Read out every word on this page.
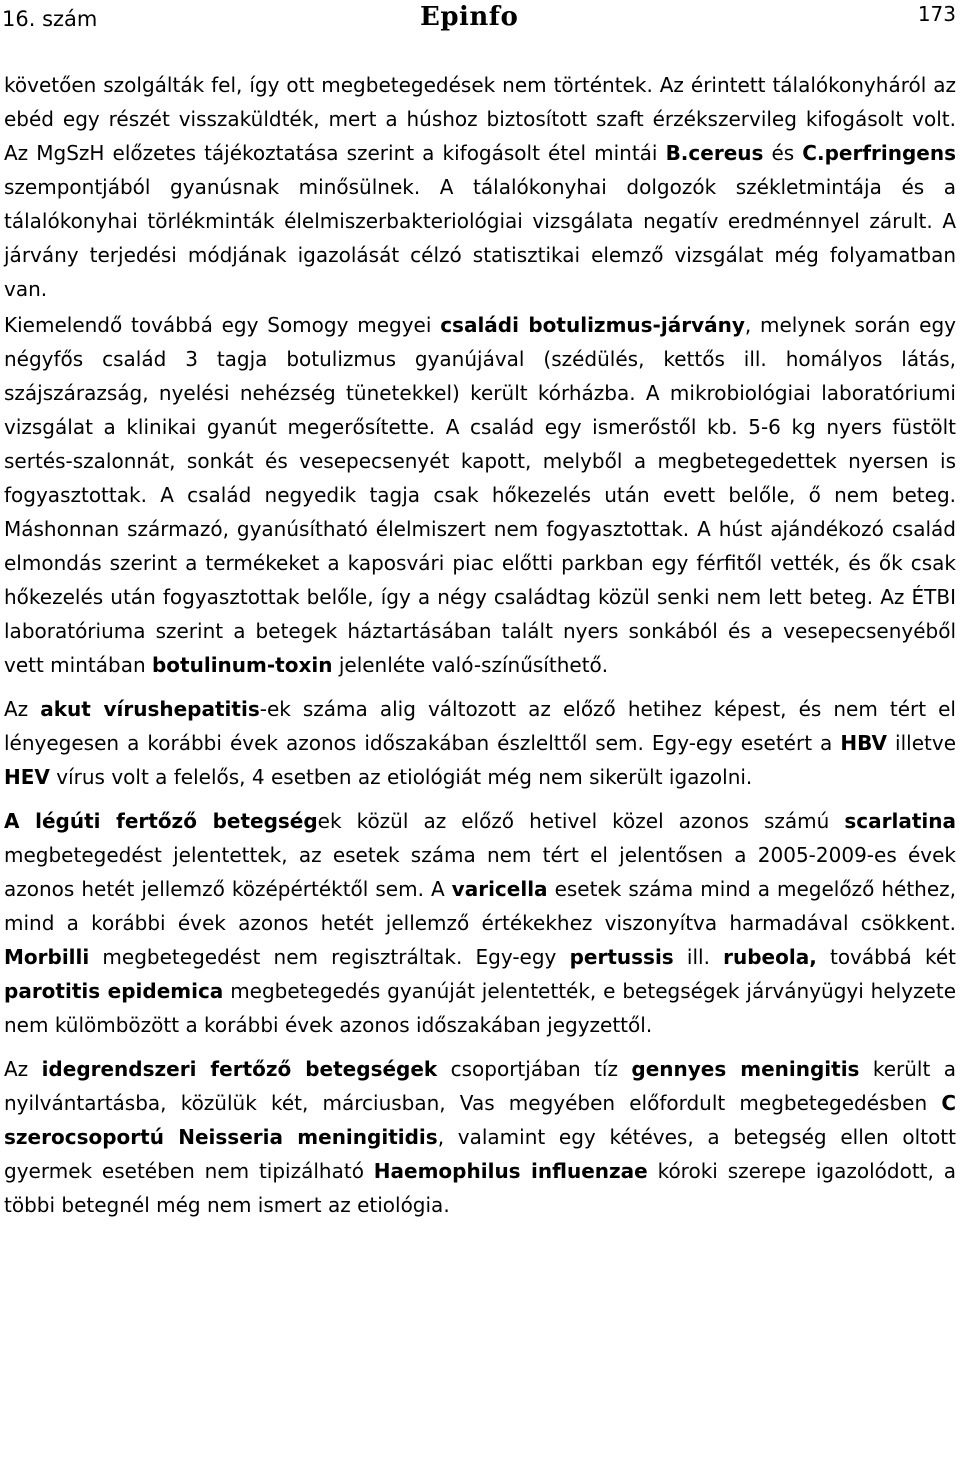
16. szám	Epinfo	173

követően szolgálták fel, így ott megbetegedések nem történtek. Az érintett tálalókonyháról az ebéd egy részét visszaküldték, mert a húshoz biztosított szaft érzékszervileg kifogásolt volt. Az MgSzH előzetes tájékoztatása szerint a kifogásolt étel mintái B.cereus és C.perfringens szempontjából gyanúsnak minősülnek. A tálalókonyhai dolgozók székletmintája és a tálalókonyhai törlékminták élelmiszerbakteriológiai vizsgálata negatív eredménnyel zárult. A járvány terjedési módjának igazolását célzó statisztikai elemző vizsgálat még folyamatban van.

Kiemelendő továbbá egy Somogy megyei családi botulizmus-járvány, melynek során egy négyfős család 3 tagja botulizmus gyanújával (szédülés, kettős ill. homályos látás, szájszárazság, nyelési nehézség tünetekkel) került kórházba. A mikrobiológiai laboratóriumi vizsgálat a klinikai gyanút megerősítette. A család egy ismerőstől kb. 5-6 kg nyers füstölt sertés-szalonnát, sonkát és vesepecsenyét kapott, melyből a megbetegedettek nyersen is fogyasztottak. A család negyedik tagja csak hőkezelés után evett belőle, ő nem beteg. Máshonnan származó, gyanúsítható élelmiszert nem fogyasztottak. A húst ajándékozó család elmondás szerint a termékeket a kaposvári piac előtti parkban egy férfitől vették, és ők csak hőkezelés után fogyasztottak belőle, így a négy családtag közül senki nem lett beteg. Az ÉTBI laboratóriuma szerint a betegek háztartásában talált nyers sonkából és a vesepecsenyéből vett mintában botulinum-toxin jelenléte való-színűsíthető.

Az akut vírushepatitis-ek száma alig változott az előző hetihez képest, és nem tért el lényegesen a korábbi évek azonos időszakában észlelttől sem. Egy-egy esetért a HBV illetve HEV vírus volt a felelős, 4 esetben az etiológiát még nem sikerült igazolni.

A légúti fertőző betegségek közül az előző hetivel közel azonos számú scarlatina megbetegedést jelentettek, az esetek száma nem tért el jelentősen a 2005-2009-es évek azonos hetét jellemző középértéktől sem. A varicella esetek száma mind a megelőző héthez, mind a korábbi évek azonos hetét jellemző értékekhez viszonyítva harmadával csökkent. Morbilli megbetegedést nem regisztráltak. Egy-egy pertussis ill. rubeola, továbbá két parotitis epidemica megbetegedés gyanúját jelentették, e betegségek járványügyi helyzete nem külömbözött a korábbi évek azonos időszakában jegyzettől.

Az idegrendszeri fertőző betegségek csoportjában tíz gennyes meningitis került a nyilvántartásba, közülük két, márciusban, Vas megyében előfordult megbetegedésben C szerocsoportú Neisseria meningitidis, valamint egy kétéves, a betegség ellen oltott gyermek esetében nem tipizálható Haemophilus influenzae kóroki szerepe igazolódott, a többi betegnél még nem ismert az etiológia.
